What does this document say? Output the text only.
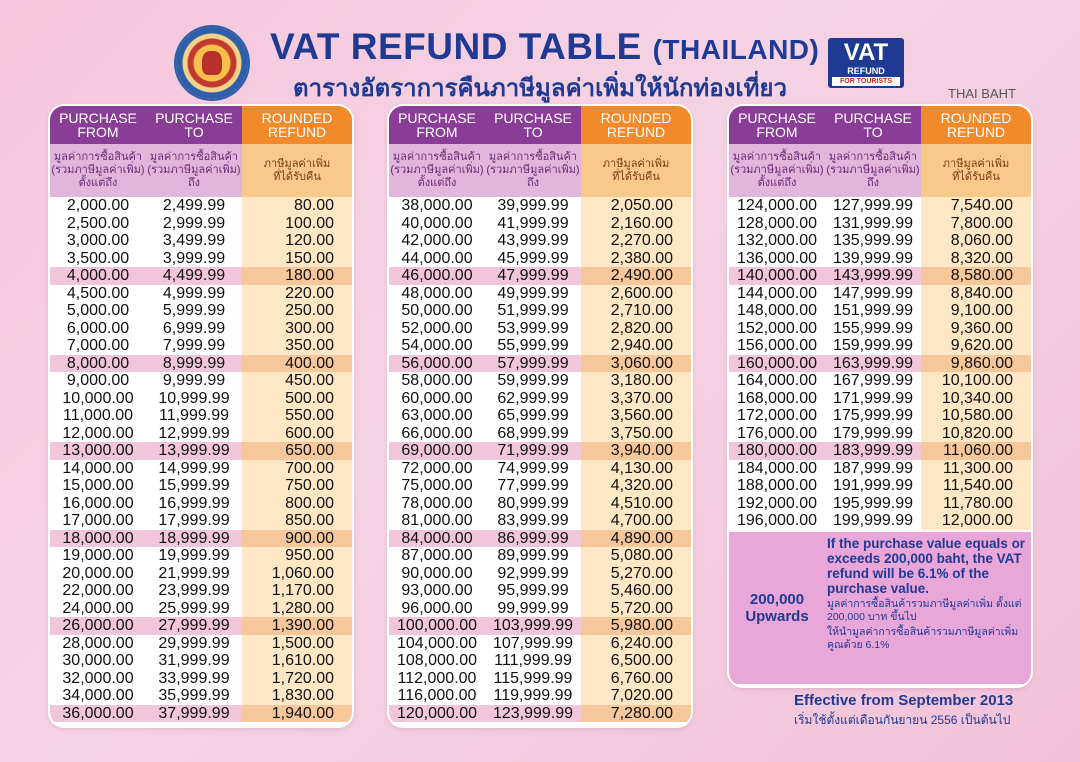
VAT REFUND TABLE (THAILAND)
ตารางอัตราการคืนภาษีมูลค่าเพิ่มให้นักท่องเที่ยว
VAT
REFUND
FOR TOURISTS
THAI BAHT
PURCHASE
FROM
มูลค่าการซื้อสินค้า
(รวมภาษีมูลค่าเพิ่ม)
ตั้งแต่ถึง
PURCHASE
TO
มูลค่าการซื้อสินค้า
(รวมภาษีมูลค่าเพิ่ม)
ถึง
ROUNDED
REFUND
ภาษีมูลค่าเพิ่ม
ที่ได้รับคืน
2,000.00	2,499.99	80.00
2,500.00	2,999.99	100.00
3,000.00	3,499.99	120.00
3,500.00	3,999.99	150.00
4,000.00	4,499.99	180.00
4,500.00	4,999.99	220.00
5,000.00	5,999.99	250.00
6,000.00	6,999.99	300.00
7,000.00	7,999.99	350.00
8,000.00	8,999.99	400.00
9,000.00	9,999.99	450.00
10,000.00	10,999.99	500.00
11,000.00	11,999.99	550.00
12,000.00	12,999.99	600.00
13,000.00	13,999.99	650.00
14,000.00	14,999.99	700.00
15,000.00	15,999.99	750.00
16,000.00	16,999.99	800.00
17,000.00	17,999.99	850.00
18,000.00	18,999.99	900.00
19,000.00	19,999.99	950.00
20,000.00	21,999.99	1,060.00
22,000.00	23,999.99	1,170.00
24,000.00	25,999.99	1,280.00
26,000.00	27,999.99	1,390.00
28,000.00	29,999.99	1,500.00
30,000.00	31,999.99	1,610.00
32,000.00	33,999.99	1,720.00
34,000.00	35,999.99	1,830.00
36,000.00	37,999.99	1,940.00
PURCHASE
FROM
มูลค่าการซื้อสินค้า
(รวมภาษีมูลค่าเพิ่ม)
ตั้งแต่ถึง
PURCHASE
TO
มูลค่าการซื้อสินค้า
(รวมภาษีมูลค่าเพิ่ม)
ถึง
ROUNDED
REFUND
ภาษีมูลค่าเพิ่ม
ที่ได้รับคืน
38,000.00	39,999.99	2,050.00
40,000.00	41,999.99	2,160.00
42,000.00	43,999.99	2,270.00
44,000.00	45,999.99	2,380.00
46,000.00	47,999.99	2,490.00
48,000.00	49,999.99	2,600.00
50,000.00	51,999.99	2,710.00
52,000.00	53,999.99	2,820.00
54,000.00	55,999.99	2,940.00
56,000.00	57,999.99	3,060.00
58,000.00	59,999.99	3,180.00
60,000.00	62,999.99	3,370.00
63,000.00	65,999.99	3,560.00
66,000.00	68,999.99	3,750.00
69,000.00	71,999.99	3,940.00
72,000.00	74,999.99	4,130.00
75,000.00	77,999.99	4,320.00
78,000.00	80,999.99	4,510.00
81,000.00	83,999.99	4,700.00
84,000.00	86,999.99	4,890.00
87,000.00	89,999.99	5,080.00
90,000.00	92,999.99	5,270.00
93,000.00	95,999.99	5,460.00
96,000.00	99,999.99	5,720.00
100,000.00 103,999.99	5,980.00
104,000.00 107,999.99	6,240.00
108,000.00	111,999.99	6,500.00
112,000.00	115,999.99	6,760.00
116,000.00	119,999.99	7,020.00
120,000.00 123,999.99	7,280.00
PURCHASE
FROM
มูลค่าการซื้อสินค้า
(รวมภาษีมูลค่าเพิ่ม)
ตั้งแต่ถึง
PURCHASE
TO
มูลค่าการซื้อสินค้า
(รวมภาษีมูลค่าเพิ่ม)
ถึง
ROUNDED
REFUND
ภาษีมูลค่าเพิ่ม
ที่ได้รับคืน
124,000.00 127,999.99	7,540.00
128,000.00 131,999.99	7,800.00
132,000.00 135,999.99	8,060.00
136,000.00 139,999.99	8,320.00
140,000.00 143,999.99	8,580.00
144,000.00 147,999.99	8,840.00
148,000.00 151,999.99	9,100.00
152,000.00 155,999.99	9,360.00
156,000.00 159,999.99	9,620.00
160,000.00 163,999.99	9,860.00
164,000.00 167,999.99	10,100.00
168,000.00 171,999.99	10,340.00
172,000.00 175,999.99	10,580.00
176,000.00 179,999.99	10,820.00
180,000.00 183,999.99	11,060.00
184,000.00 187,999.99	11,300.00
188,000.00 191,999.99	11,540.00
192,000.00 195,999.99	11,780.00
196,000.00 199,999.99	12,000.00
200,000
Upwards
If the purchase value equals or exceeds 200,000 baht, the VAT refund will be 6.1% of the purchase value.
มูลค่าการซื้อสินค้ารวมภาษีมูลค่าเพิ่ม ตั้งแต่ 200,000 บาท ขึ้นไป
ให้นำมูลค่าการซื้อสินค้ารวมภาษีมูลค่าเพิ่ม คูณด้วย 6.1%
Effective from September 2013
เริ่มใช้ตั้งแต่เดือนกันยายน 2556 เป็นต้นไป
